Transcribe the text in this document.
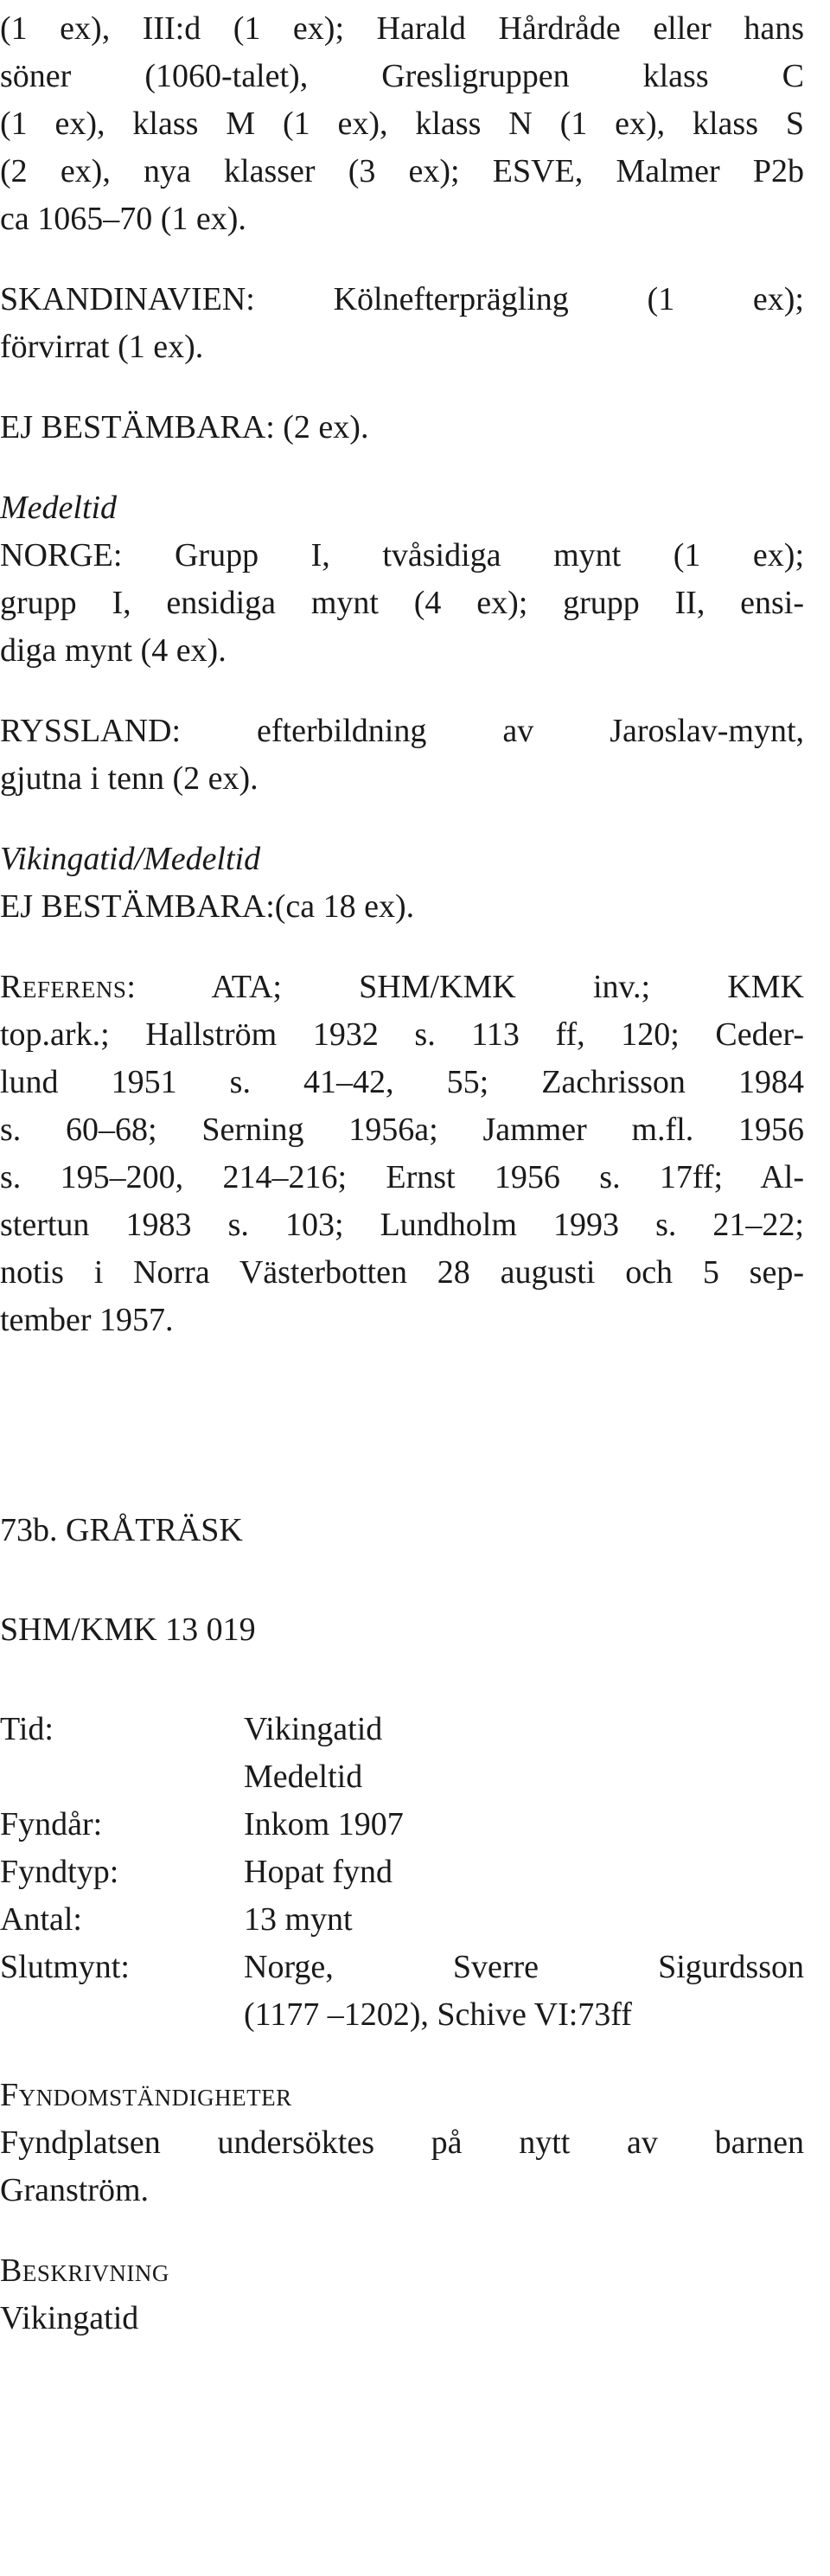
(1 ex), III:d (1 ex); Harald Hårdråde eller hans

söner (1060-talet), Gresligruppen klass C

(1 ex), klass M (1 ex), klass N (1 ex), klass S

(2 ex), nya klasser (3 ex); ESVE, Malmer P2b

ca 1065–70 (1 ex).

SKANDINAVIEN: Kölnefterprägling (1 ex);

förvirrat (1 ex).

EJ BESTÄMBARA: (2 ex).

Medeltid

NORGE: Grupp I, tvåsidiga mynt (1 ex);

grupp I, ensidiga mynt (4 ex); grupp II, ensi-

diga mynt (4 ex).

RYSSLAND: efterbildning av Jaroslav-mynt,

gjutna i tenn (2 ex).

Vikingatid/Medeltid

EJ BESTÄMBARA:(ca 18 ex).

Referens: ATA; SHM/KMK inv.; KMK

top.ark.; Hallström 1932 s. 113 ff, 120; Ceder-

lund 1951 s. 41–42, 55; Zachrisson 1984

s. 60–68; Serning 1956a; Jammer m.fl. 1956

s. 195–200, 214–216; Ernst 1956 s. 17ff; Al-

stertun 1983 s. 103; Lundholm 1993 s. 21–22;

notis i Norra Västerbotten 28 augusti och 5 sep-

tember 1957.

73b. GRÅTRÄSK

SHM/KMK 13 019

Tid:	Vikingatid
Medeltid

Fyndår:	Inkom 1907
Fyndtyp:	Hopat fynd
Antal:	13 mynt
Slutmynt:	Norge, Sverre Sigurdsson
(1177 –1202), Schive VI:73ff

Fyndomständigheter

Fyndplatsen undersöktes på nytt av barnen

Granström.

Beskrivning

Vikingatid
